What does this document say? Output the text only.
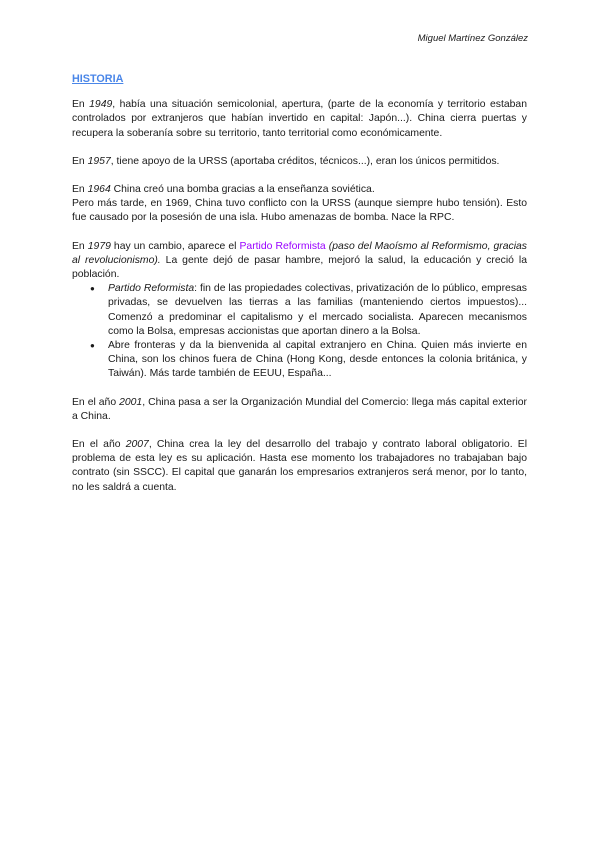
Miguel Martínez González
HISTORIA

En 1949, había una situación semicolonial, apertura, (parte de la economía y territorio estaban controlados por extranjeros que habían invertido en capital: Japón...). China cierra puertas y recupera la soberanía sobre su territorio, tanto territorial como económicamente.

En 1957, tiene apoyo de la URSS (aportaba créditos, técnicos...), eran los únicos permitidos.

En 1964 China creó una bomba gracias a la enseñanza soviética.

Pero más tarde, en 1969, China tuvo conflicto con la URSS (aunque siempre hubo tensión). Esto fue causado por la posesión de una isla. Hubo amenazas de bomba. Nace la RPC.

En 1979 hay un cambio, aparece el Partido Reformista (paso del Maoísmo al Reformismo, gracias al revolucionismo). La gente dejó de pasar hambre, mejoró la salud, la educación y creció la población.

● Partido Reformista: fin de las propiedades colectivas, privatización de lo público, empresas privadas, se devuelven las tierras a las familias (manteniendo ciertos impuestos)... Comenzó a predominar el capitalismo y el mercado socialista. Aparecen mecanismos como la Bolsa, empresas accionistas que aportan dinero a la Bolsa.
● Abre fronteras y da la bienvenida al capital extranjero en China. Quien más invierte en China, son los chinos fuera de China (Hong Kong, desde entonces la colonia británica, y Taiwán). Más tarde también de EEUU, España...

En el año 2001, China pasa a ser la Organización Mundial del Comercio: llega más capital exterior a China.

En el año 2007, China crea la ley del desarrollo del trabajo y contrato laboral obligatorio. El problema de esta ley es su aplicación. Hasta ese momento los trabajadores no trabajaban bajo contrato (sin SSCC). El capital que ganarán los empresarios extranjeros será menor, por lo tanto, no les saldrá a cuenta.
